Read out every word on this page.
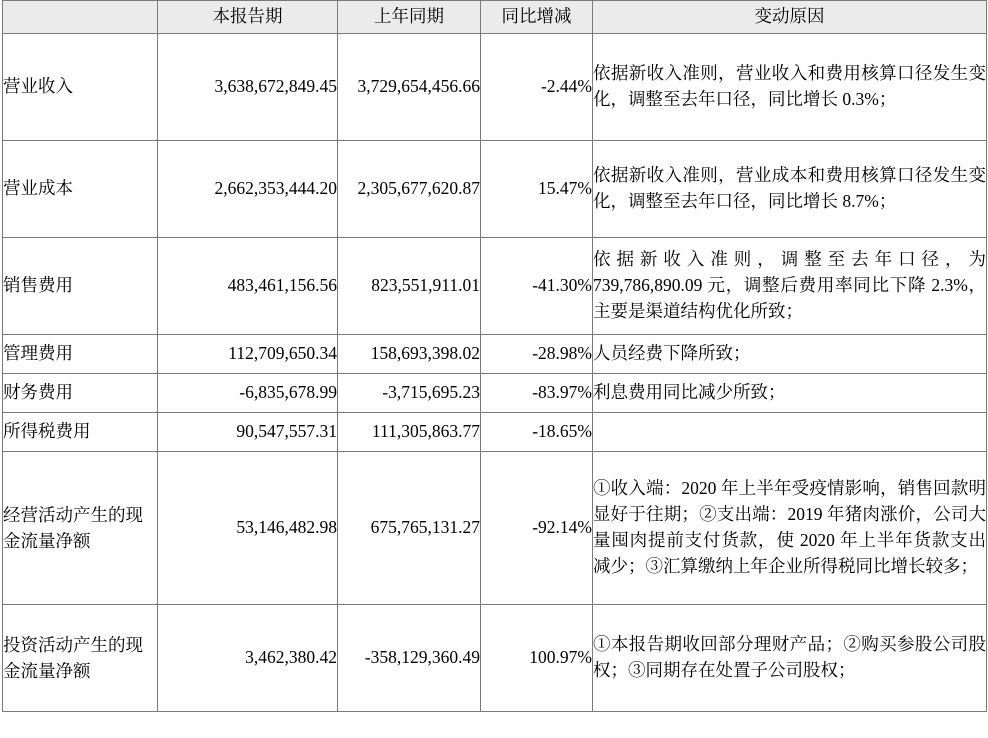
	本报告期	上年同期	同比增减	变动原因
营业收入	3,638,672,849.45	3,729,654,456.66	-2.44%	依据新收入准则，营业收入和费用核算口径发生变化，调整至去年口径，同比增长 0.3%；
营业成本	2,662,353,444.20	2,305,677,620.87	15.47%	依据新收入准则，营业成本和费用核算口径发生变化，调整至去年口径，同比增长 8.7%；
销售费用	483,461,156.56	823,551,911.01	-41.30%	依据新收入准则，调整至去年口径，为 739,786,890.09 元，调整后费用率同比下降 2.3%，主要是渠道结构优化所致；
管理费用	112,709,650.34	158,693,398.02	-28.98%	人员经费下降所致；
财务费用	-6,835,678.99	-3,715,695.23	-83.97%	利息费用同比减少所致；
所得税费用	90,547,557.31	111,305,863.77	-18.65%	
经营活动产生的现金流量净额	53,146,482.98	675,765,131.27	-92.14%	①收入端：2020 年上半年受疫情影响，销售回款明显好于往期；②支出端：2019 年猪肉涨价，公司大量囤肉提前支付货款，使 2020 年上半年货款支出减少；③汇算缴纳上年企业所得税同比增长较多；
投资活动产生的现金流量净额	3,462,380.42	-358,129,360.49	100.97%	①本报告期收回部分理财产品；②购买参股公司股权；③同期存在处置子公司股权；
